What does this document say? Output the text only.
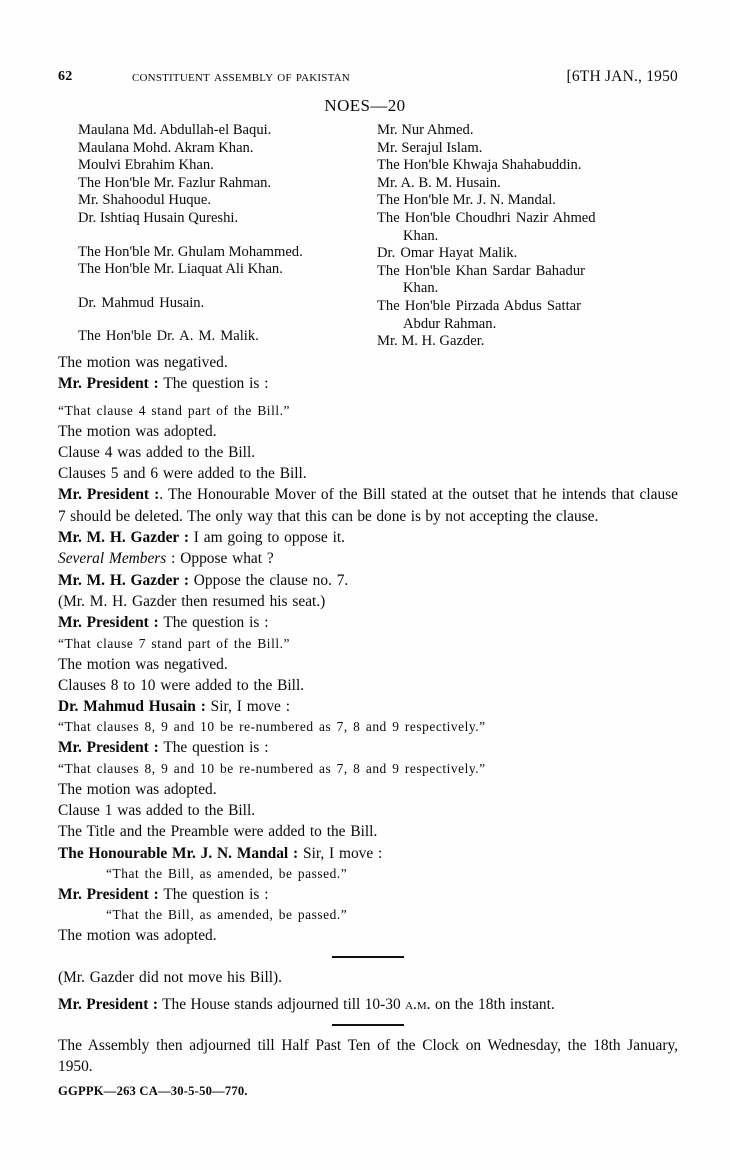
62	constituent assembly of pakistan	[6TH JAN., 1950
NOES—20
Maulana Md. Abdullah-el Baqui.
Maulana Mohd. Akram Khan.
Moulvi Ebrahim Khan.
The Hon'ble Mr. Fazlur Rahman.
Mr. Shahoodul Huque.
Dr. Ishtiaq Husain Qureshi.
The Hon'ble Mr. Ghulam Mohammed.
The Hon'ble Mr. Liaquat Ali Khan.
Dr. Mahmud Husain.
The Hon'ble Dr. A. M. Malik.
Mr. Nur Ahmed.
Mr. Serajul Islam.
The Hon'ble Khwaja Shahabuddin.
Mr. A. B. M. Husain.
The Hon'ble Mr. J. N. Mandal.
The Hon'ble Choudhri Nazir Ahmed
Khan.
Dr. Omar Hayat Malik.
The Hon'ble Khan Sardar Bahadur
Khan.
The Hon'ble Pirzada Abdus Sattar
Abdur Rahman.
Mr. M. H. Gazder.

The motion was negatived.

Mr. President : The question is :

“That clause 4 stand part of the Bill.”

The motion was adopted.

Clause 4 was added to the Bill.

Clauses 5 and 6 were added to the Bill.

Mr. President :. The Honourable Mover of the Bill stated at the outset that he intends that clause 7 should be deleted. The only way that this can be done is by not accepting the clause.

Mr. M. H. Gazder : I am going to oppose it.

Several Members : Oppose what ?

Mr. M. H. Gazder : Oppose the clause no. 7.

(Mr. M. H. Gazder then resumed his seat.)

Mr. President : The question is :

“That clause 7 stand part of the Bill.”

The motion was negatived.

Clauses 8 to 10 were added to the Bill.

Dr. Mahmud Husain : Sir, I move :

“That clauses 8, 9 and 10 be re-numbered as 7, 8 and 9 respectively.”

Mr. President : The question is :

“That clauses 8, 9 and 10 be re-numbered as 7, 8 and 9 respectively.”

The motion was adopted.

Clause 1 was added to the Bill.

The Title and the Preamble were added to the Bill.

The Honourable Mr. J. N. Mandal : Sir, I move :

“That the Bill, as amended, be passed.”

Mr. President : The question is :

“That the Bill, as amended, be passed.”

The motion was adopted.

(Mr. Gazder did not move his Bill).

Mr. President : The House stands adjourned till 10-30 a.m. on the 18th instant.

The Assembly then adjourned till Half Past Ten of the Clock on Wednesday, the 18th January, 1950.

GGPPK—263 CA—30-5-50—770.
